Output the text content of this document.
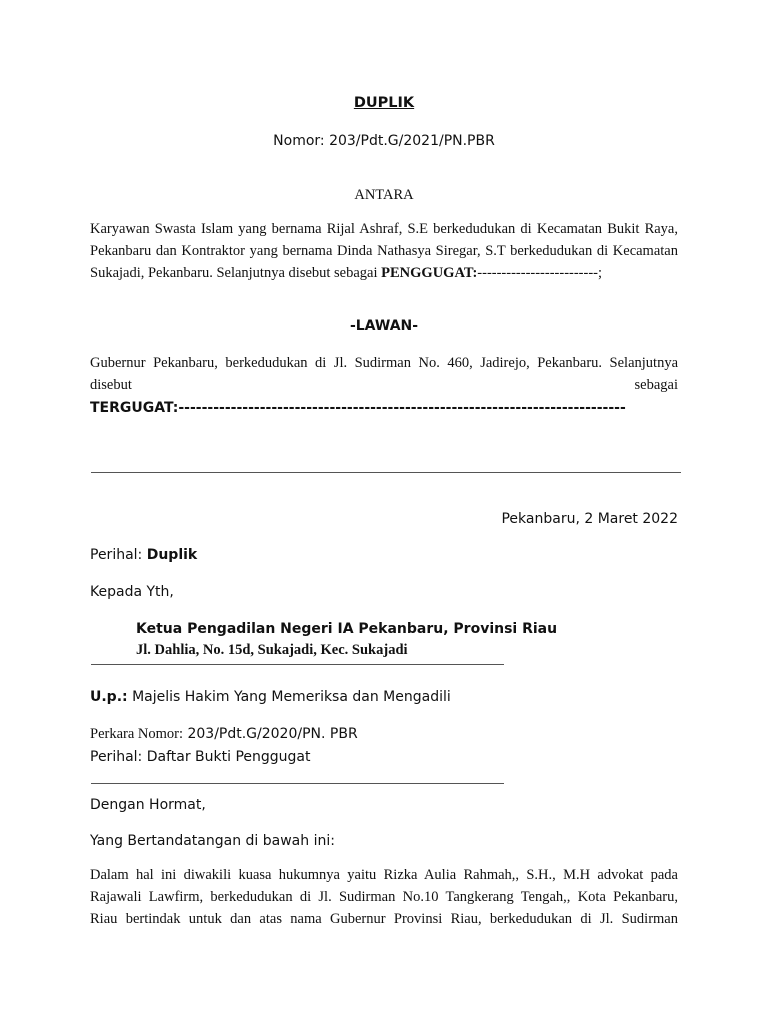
DUPLIK
Nomor: 203/Pdt.G/2021/PN.PBR
ANTARA
Karyawan Swasta Islam yang bernama Rijal Ashraf, S.E berkedudukan di Kecamatan Bukit Raya, Pekanbaru dan Kontraktor yang bernama Dinda Nathasya Siregar, S.T berkedudukan di Kecamatan Sukajadi, Pekanbaru. Selanjutnya disebut sebagai PENGGUGAT:-------------------------;
-LAWAN-
Gubernur Pekanbaru, berkedudukan di Jl. Sudirman No. 460, Jadirejo, Pekanbaru. Selanjutnya disebut sebagai
TERGUGAT:-----------------------------------------------------------------------------
Pekanbaru, 2 Maret 2022
Perihal: Duplik
Kepada Yth,
Ketua Pengadilan Negeri IA Pekanbaru, Provinsi Riau
Jl. Dahlia, No. 15d, Sukajadi, Kec. Sukajadi
U.p.: Majelis Hakim Yang Memeriksa dan Mengadili
Perkara Nomor: 203/Pdt.G/2020/PN. PBR
Perihal: Daftar Bukti Penggugat
Dengan Hormat,
Yang Bertandatangan di bawah ini:
Dalam hal ini diwakili kuasa hukumnya yaitu Rizka Aulia Rahmah,, S.H., M.H advokat pada
Rajawali Lawfirm, berkedudukan di Jl. Sudirman No.10 Tangkerang Tengah,, Kota Pekanbaru,
Riau bertindak untuk dan atas nama Gubernur Provinsi Riau, berkedudukan di Jl. Sudirman
